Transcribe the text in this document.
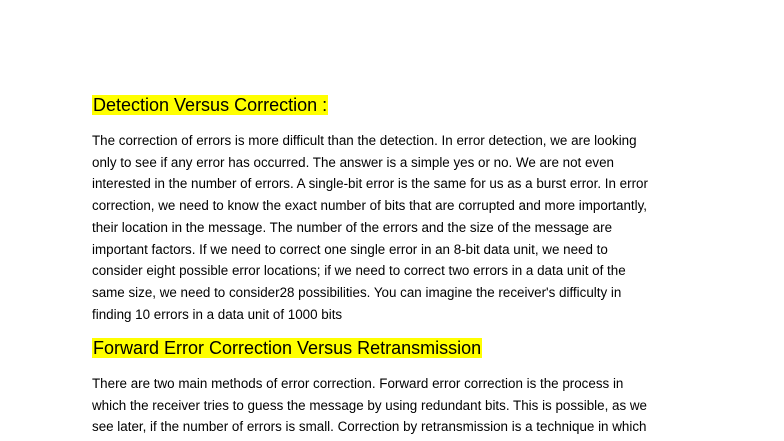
Detection Versus Correction :
The correction of errors is more difficult than the detection. In error detection, we are looking
only to see if any error has occurred. The answer is a simple yes or no. We are not even
interested in the number of errors. A single-bit error is the same for us as a burst error. In error
correction, we need to know the exact number of bits that are corrupted and more importantly,
their location in the message. The number of the errors and the size of the message are
important factors. If we need to correct one single error in an 8-bit data unit, we need to
consider eight possible error locations; if we need to correct two errors in a data unit of the
same size, we need to consider28 possibilities. You can imagine the receiver's difficulty in
finding 10 errors in a data unit of 1000 bits
Forward Error Correction Versus Retransmission
There are two main methods of error correction. Forward error correction is the process in
which the receiver tries to guess the message by using redundant bits. This is possible, as we
see later, if the number of errors is small. Correction by retransmission is a technique in which
